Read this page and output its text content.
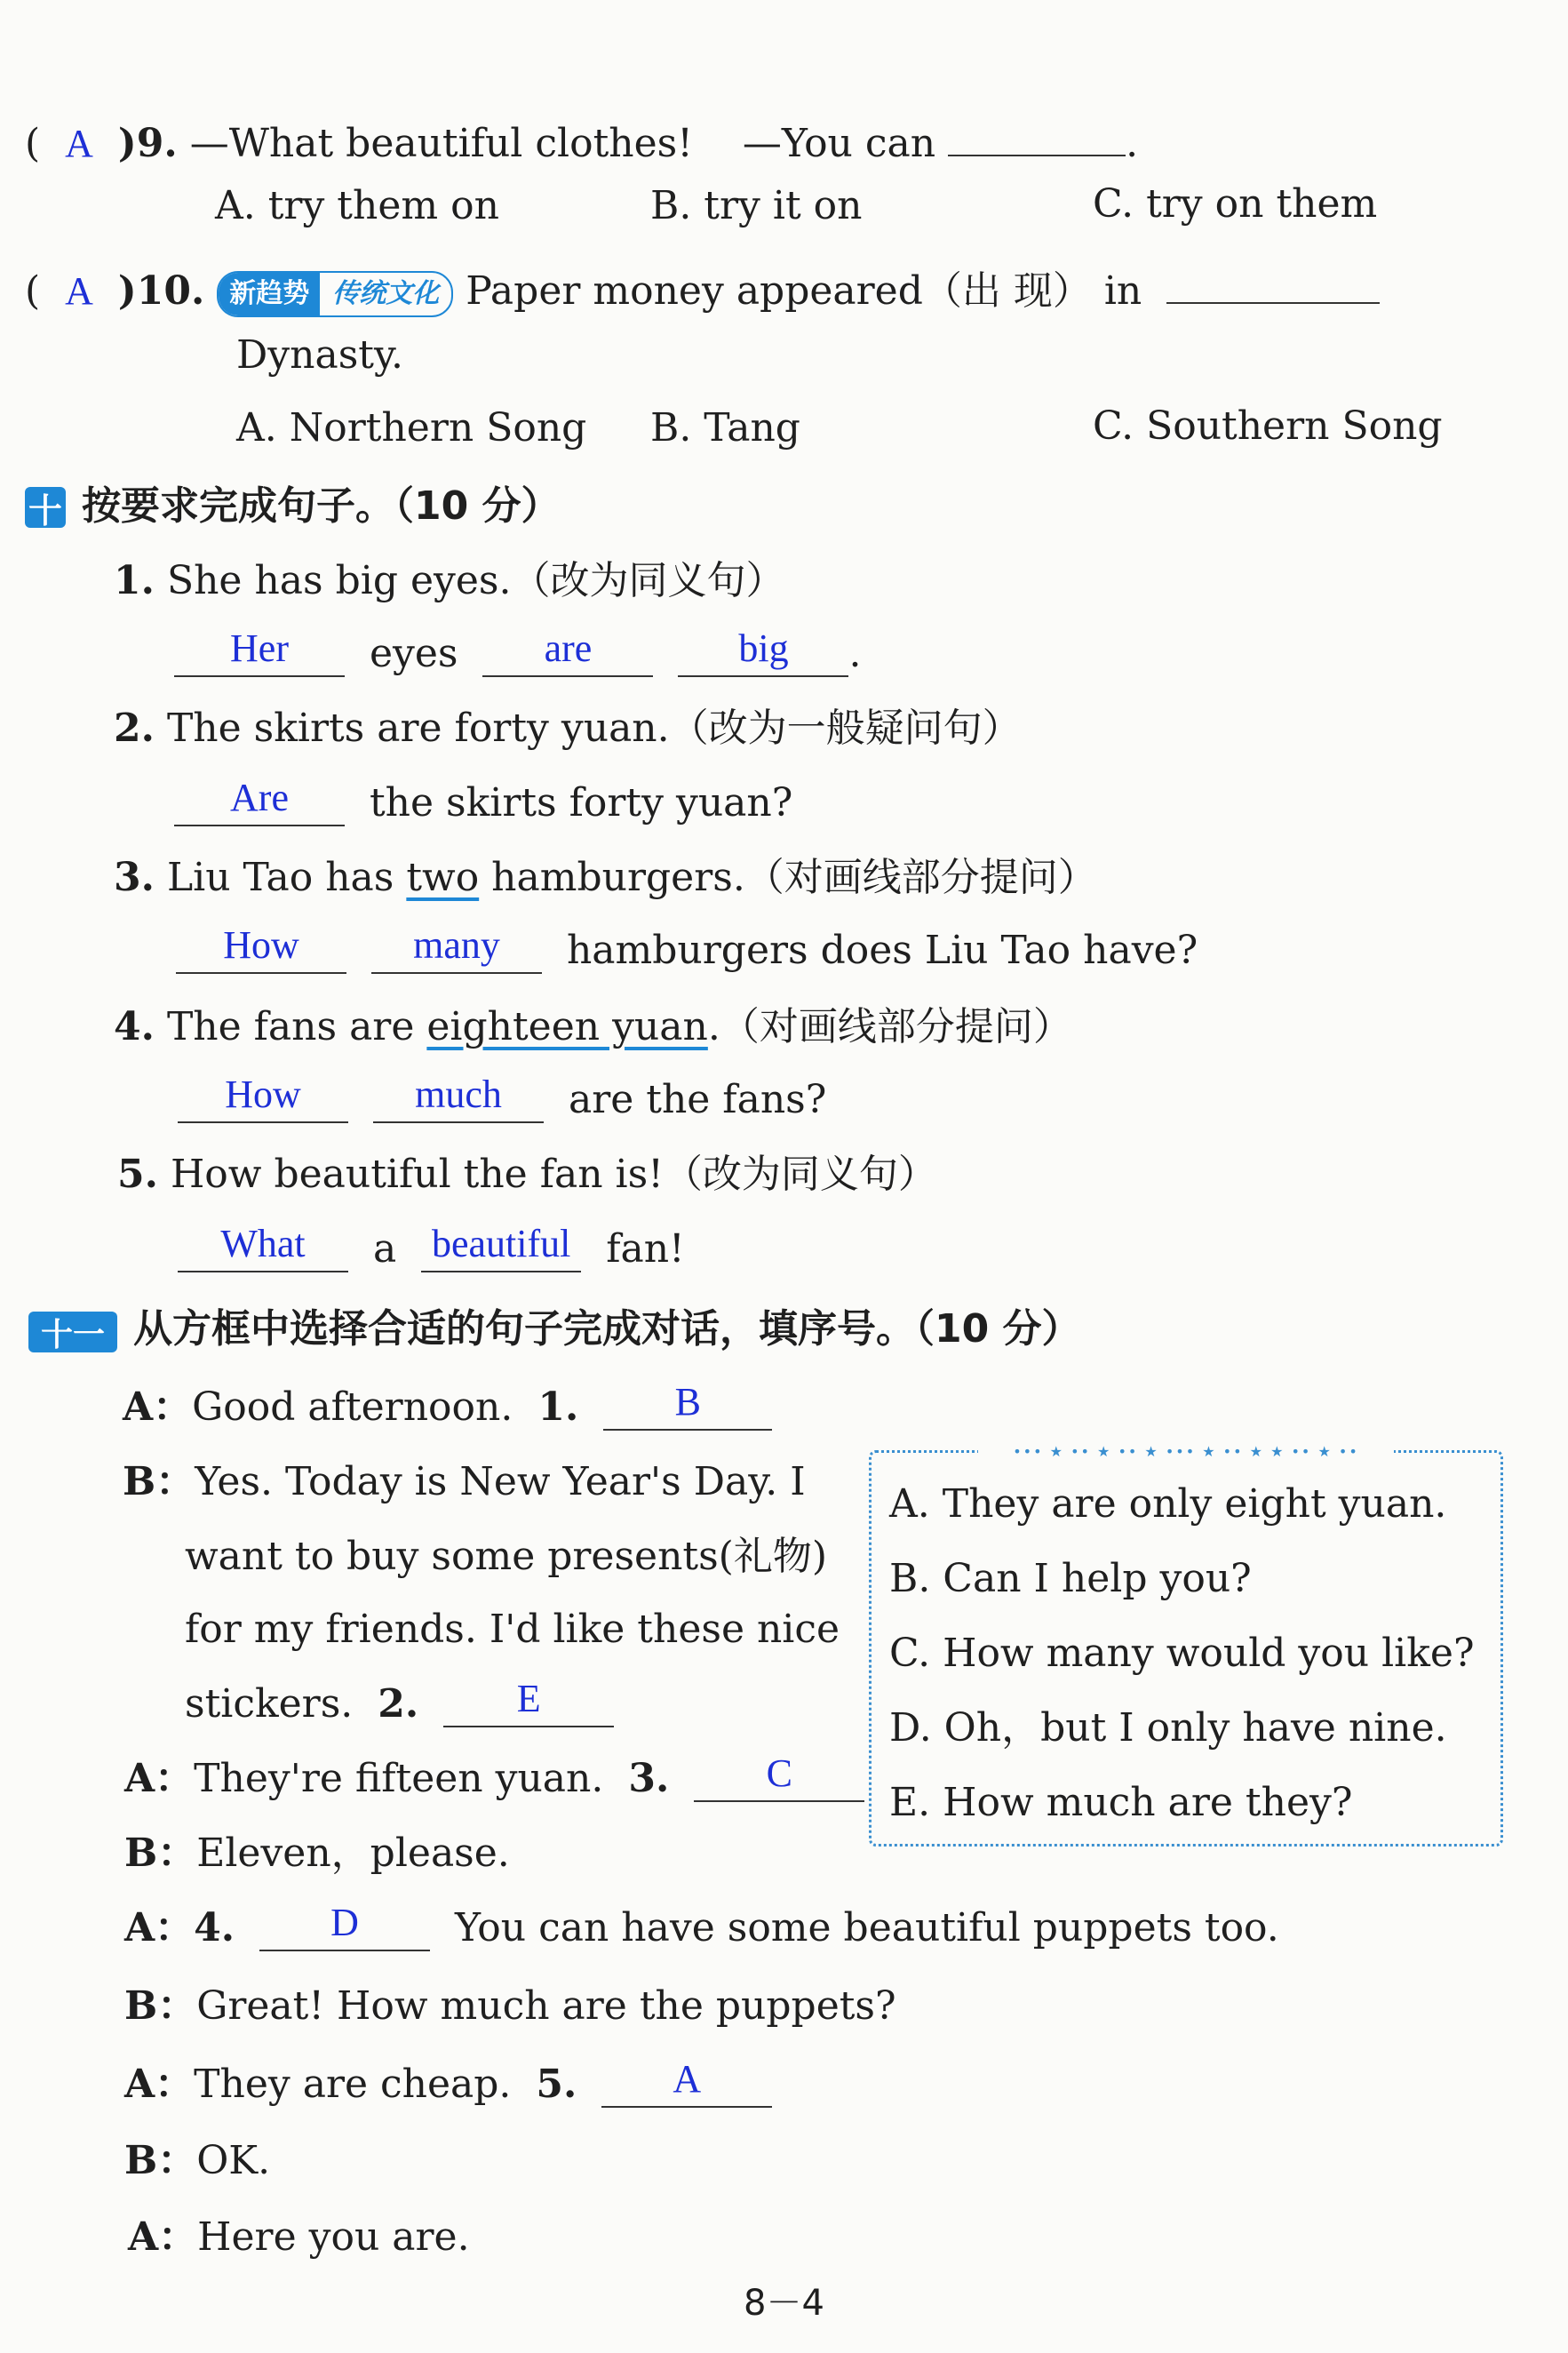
( A )9. —What beautiful clothes! —You can	.
A. try them on	B. try it on	C. try on them
( A )10. 新趋势 传统文化 Paper money appeared（出 现） in
Dynasty.
A. Northern Song B. Tang	C. Southern Song
十 按要求完成句子。（10 分）
1. She has big eyes.（改为同义句）
Her eyes are	big .
2. The skirts are forty yuan.（改为一般疑问句）
Are the skirts forty yuan?
3. Liu Tao has two hamburgers.（对画线部分提问）
How	many hamburgers does Liu Tao have?
4. The fans are eighteen yuan.（对画线部分提问）
How	much are the fans?
5. How beautiful the fan is!（改为同义句）
What a beautiful fan!
十一 从方框中选择合适的句子完成对话，填序号。（10 分）
A：Good afternoon. 1. B
B：Yes. Today is New Year's Day. I
want to buy some presents(礼物)
for my friends. I'd like these nice
stickers. 2.	E
A：They're fifteen yuan. 3. C
B：Eleven，please.
A：4. D You can have some beautiful puppets too.
B：Great! How much are the puppets?
A：They are cheap. 5. A
B：OK.
A：Here you are.
••• ★ •• ★ •• ★ ••• ★ •• ★ ★ •• ★ ••
A. They are only eight yuan.
B. Can I help you?
C. How many would you like?
D. Oh，but I only have nine.
E. How much are they?
8－4
